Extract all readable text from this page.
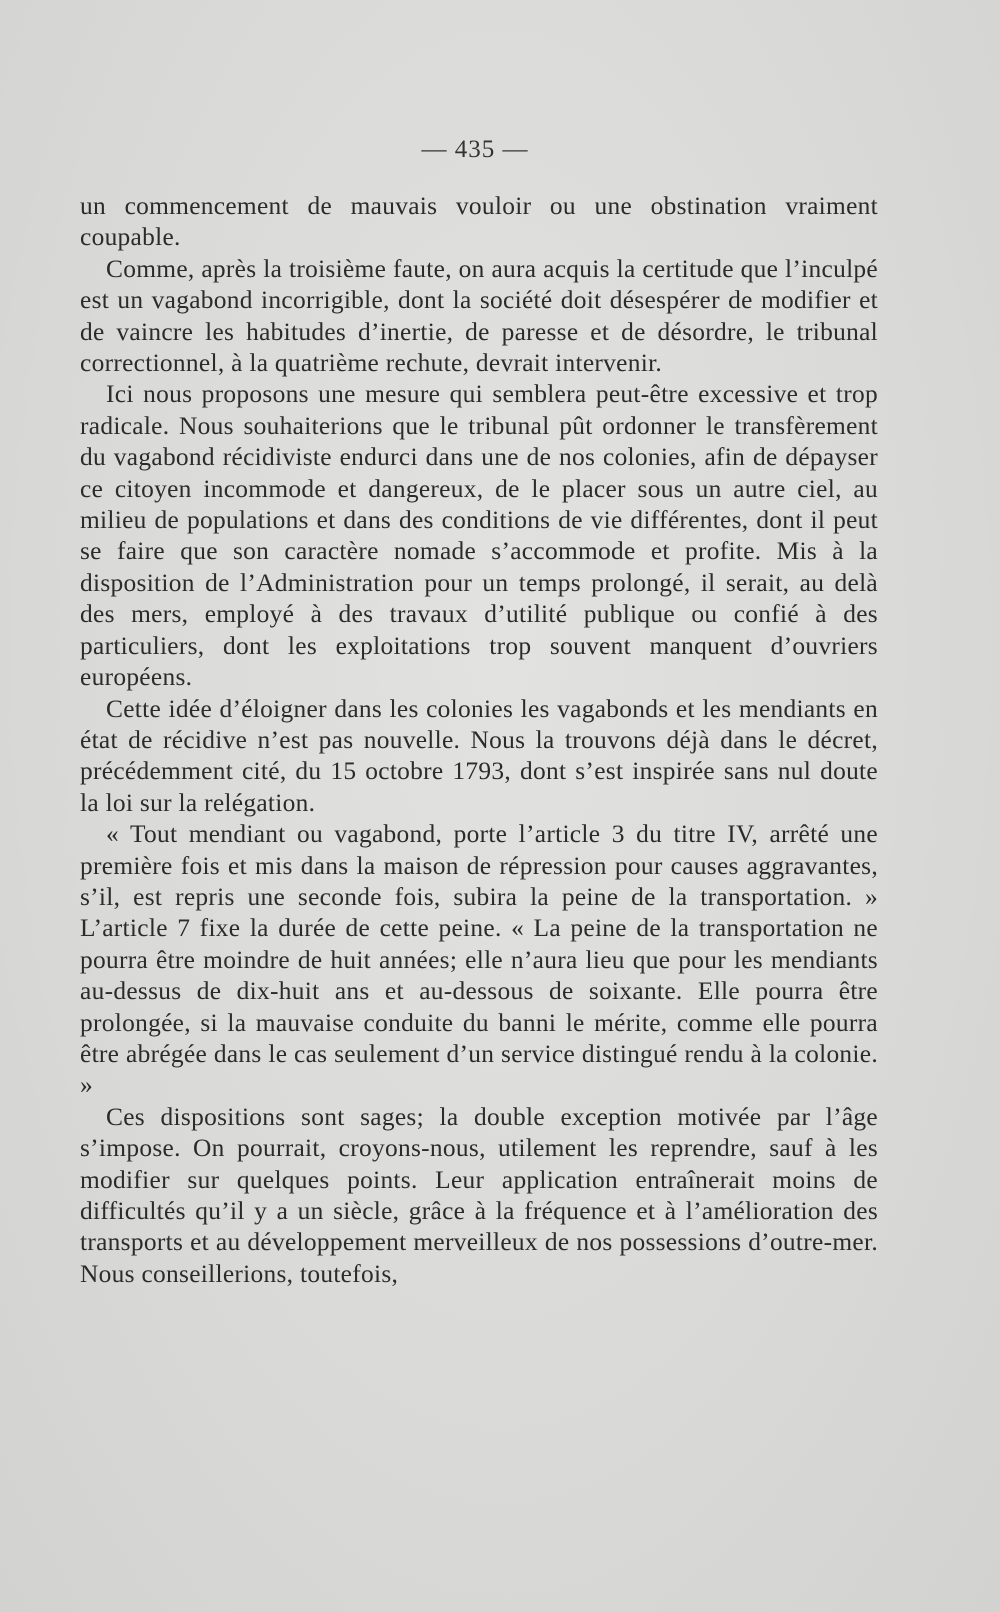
— 435 —

un commencement de mauvais vouloir ou une obstination vraiment coupable.

Comme, après la troisième faute, on aura acquis la certitude que l’inculpé est un vagabond incorrigible, dont la société doit désespérer de modifier et de vaincre les habitudes d’inertie, de paresse et de désordre, le tribunal correctionnel, à la quatrième rechute, devrait intervenir.

Ici nous proposons une mesure qui semblera peut-être excessive et trop radicale. Nous souhaiterions que le tribunal pût ordonner le transfèrement du vagabond récidiviste endurci dans une de nos colonies, afin de dépayser ce citoyen incommode et dangereux, de le placer sous un autre ciel, au milieu de populations et dans des conditions de vie différentes, dont il peut se faire que son caractère nomade s’accommode et profite. Mis à la disposition de l’Administration pour un temps prolongé, il serait, au delà des mers, employé à des travaux d’utilité publique ou confié à des particuliers, dont les exploitations trop souvent manquent d’ouvriers européens.

Cette idée d’éloigner dans les colonies les vagabonds et les mendiants en état de récidive n’est pas nouvelle. Nous la trouvons déjà dans le décret, précédemment cité, du 15 octobre 1793, dont s’est inspirée sans nul doute la loi sur la relégation.

« Tout mendiant ou vagabond, porte l’article 3 du titre IV, arrêté une première fois et mis dans la maison de répression pour causes aggravantes, s’il, est repris une seconde fois, subira la peine de la transportation. » L’article 7 fixe la durée de cette peine. « La peine de la transportation ne pourra être moindre de huit années; elle n’aura lieu que pour les mendiants au-dessus de dix-huit ans et au-dessous de soixante. Elle pourra être prolongée, si la mauvaise conduite du banni le mérite, comme elle pourra être abrégée dans le cas seulement d’un service distingué rendu à la colonie. »

Ces dispositions sont sages; la double exception motivée par l’âge s’impose. On pourrait, croyons-nous, utilement les reprendre, sauf à les modifier sur quelques points. Leur application entraînerait moins de difficultés qu’il y a un siècle, grâce à la fréquence et à l’amélioration des transports et au développement merveilleux de nos possessions d’outre-mer. Nous conseillerions, toutefois,
